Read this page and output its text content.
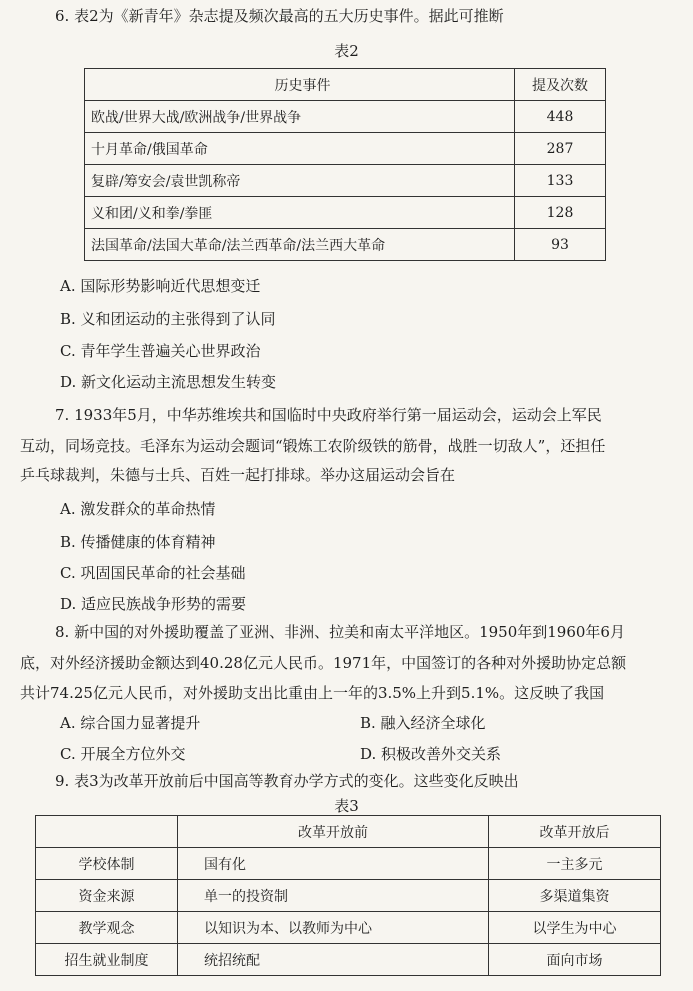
6. 表2为《新青年》杂志提及频次最高的五大历史事件。据此可推断
表2
历史事件	提及次数
欧战/世界大战/欧洲战争/世界战争	448
十月革命/俄国革命	287
复辟/筹安会/袁世凯称帝	133
义和团/义和拳/拳匪	128
法国革命/法国大革命/法兰西革命/法兰西大革命	93
A. 国际形势影响近代思想变迁
B. 义和团运动的主张得到了认同
C. 青年学生普遍关心世界政治
D. 新文化运动主流思想发生转变
7. 1933年5月，中华苏维埃共和国临时中央政府举行第一届运动会，运动会上军民
互动，同场竞技。毛泽东为运动会题词“锻炼工农阶级铁的筋骨，战胜一切敌人”，还担任
乒乓球裁判，朱德与士兵、百姓一起打排球。举办这届运动会旨在
A. 激发群众的革命热情
B. 传播健康的体育精神
C. 巩固国民革命的社会基础
D. 适应民族战争形势的需要
8. 新中国的对外援助覆盖了亚洲、非洲、拉美和南太平洋地区。1950年到1960年6月
底，对外经济援助金额达到40.28亿元人民币。1971年，中国签订的各种对外援助协定总额
共计74.25亿元人民币，对外援助支出比重由上一年的3.5%上升到5.1%。这反映了我国
A. 综合国力显著提升	B. 融入经济全球化
C. 开展全方位外交	D. 积极改善外交关系
9. 表3为改革开放前后中国高等教育办学方式的变化。这些变化反映出
表3
	改革开放前	改革开放后
学校体制	国有化	一主多元
资金来源	单一的投资制	多渠道集资
教学观念	以知识为本、以教师为中心	以学生为中心
招生就业制度	统招统配	面向市场
